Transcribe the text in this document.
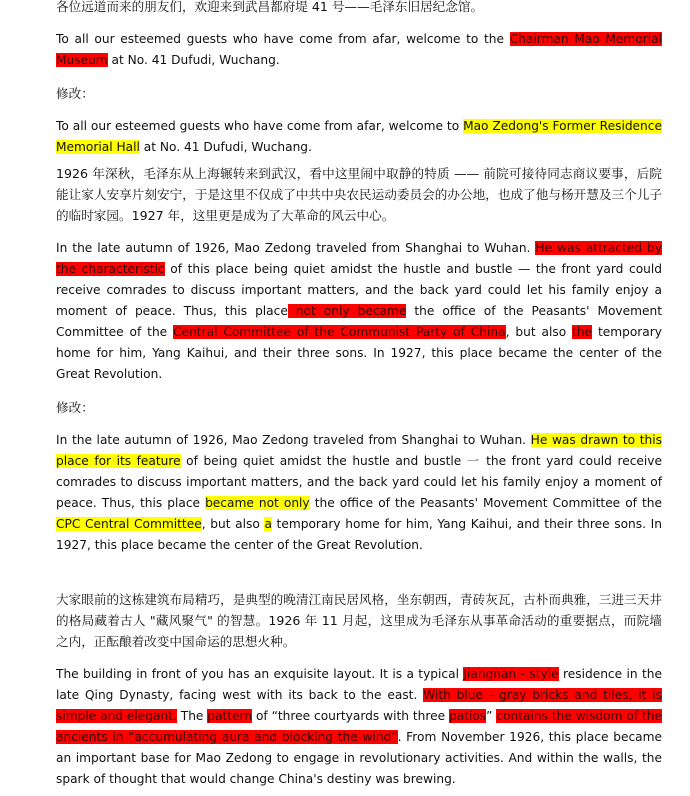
各位远道而来的朋友们，欢迎来到武昌都府堤 41 号——毛泽东旧居纪念馆。

To all our esteemed guests who have come from afar, welcome to the Chairman Mao Memorial Museum at No. 41 Dufudi, Wuchang.

修改：

To all our esteemed guests who have come from afar, welcome to Mao Zedong's Former Residence Memorial Hall at No. 41 Dufudi, Wuchang.

1926 年深秋，毛泽东从上海辗转来到武汉，看中这里闹中取静的特质 —— 前院可接待同志商议要事，后院能让家人安享片刻安宁，于是这里不仅成了中共中央农民运动委员会的办公地，也成了他与杨开慧及三个儿子的临时家园。1927 年，这里更是成为了大革命的风云中心。

In the late autumn of 1926, Mao Zedong traveled from Shanghai to Wuhan. He was attracted by the characteristic of this place being quiet amidst the hustle and bustle — the front yard could receive comrades to discuss important matters, and the back yard could let his family enjoy a moment of peace. Thus, this place not only became the office of the Peasants' Movement Committee of the Central Committee of the Communist Party of China, but also the temporary home for him, Yang Kaihui, and their three sons. In 1927, this place became the center of the Great Revolution.

修改：

In the late autumn of 1926, Mao Zedong traveled from Shanghai to Wuhan. He was drawn to this place for its feature of being quiet amidst the hustle and bustle 一 the front yard could receive comrades to discuss important matters, and the back yard could let his family enjoy a moment of peace. Thus, this place became not only the office of the Peasants' Movement Committee of the CPC Central Committee, but also a temporary home for him, Yang Kaihui, and their three sons. In 1927, this place became the center of the Great Revolution.

大家眼前的这栋建筑布局精巧，是典型的晚清江南民居风格，坐东朝西，青砖灰瓦，古朴而典雅，三进三天井的格局藏着古人 "藏风聚气" 的智慧。1926 年 11 月起，这里成为毛泽东从事革命活动的重要据点，而院墙之内，正酝酿着改变中国命运的思想火种。

The building in front of you has an exquisite layout. It is a typical Jiangnan - style residence in the late Qing Dynasty, facing west with its back to the east. With blue - gray bricks and tiles, it is simple and elegant. The pattern of “three courtyards with three patios” contains the wisdom of the ancients in “accumulating aura and blocking the wind”. From November 1926, this place became an important base for Mao Zedong to engage in revolutionary activities. And within the walls, the spark of thought that would change China's destiny was brewing.
